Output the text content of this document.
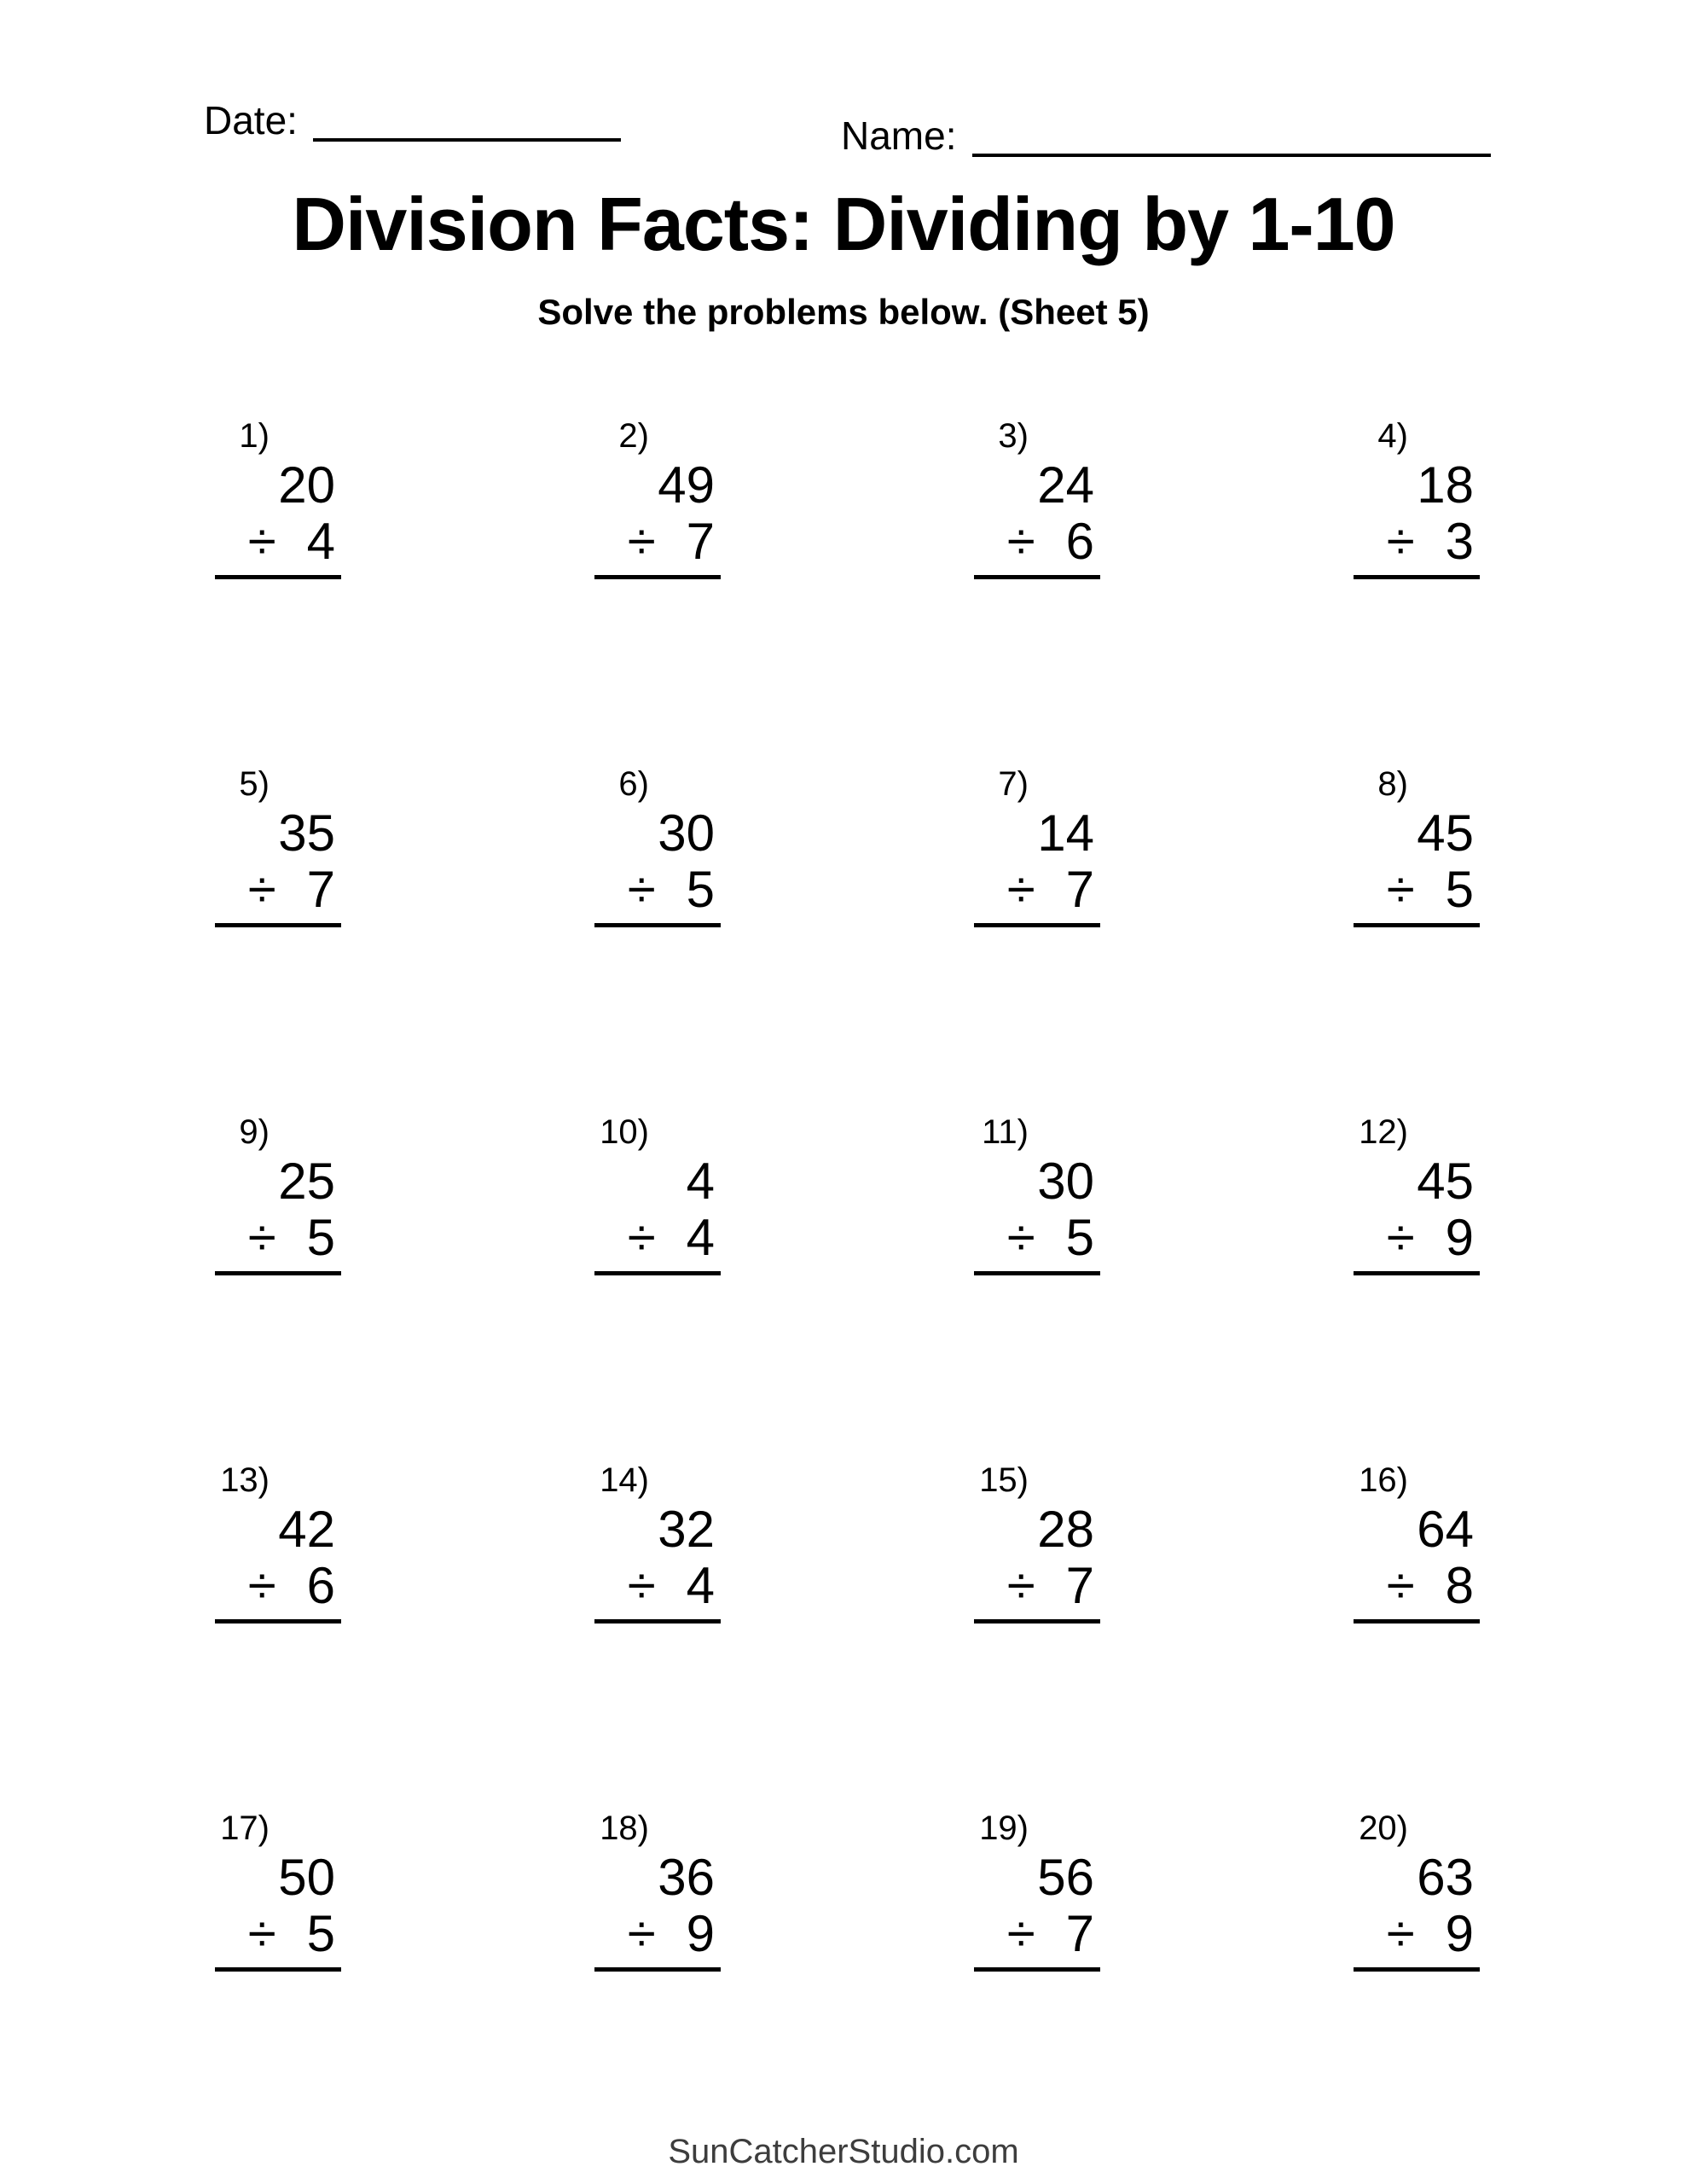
Date:	Name:
Division Facts: Dividing by 1-10
Solve the problems below. (Sheet 5)
1)
20
÷ 4
2)
49
÷ 7
3)
24
÷ 6
4)
18
÷ 3
5)
35
÷ 7
6)
30
÷ 5
7)
14
÷ 7
8)
45
÷ 5
9)
25
÷ 5
10)
4
÷ 4
11)
30
÷ 5
12)
45
÷ 9
13)
42
÷ 6
14)
32
÷ 4
15)
28
÷ 7
16)
64
÷ 8
17)
50
÷ 5
18)
36
÷ 9
19)
56
÷ 7
20)
63
÷ 9
SunCatcherStudio.com
